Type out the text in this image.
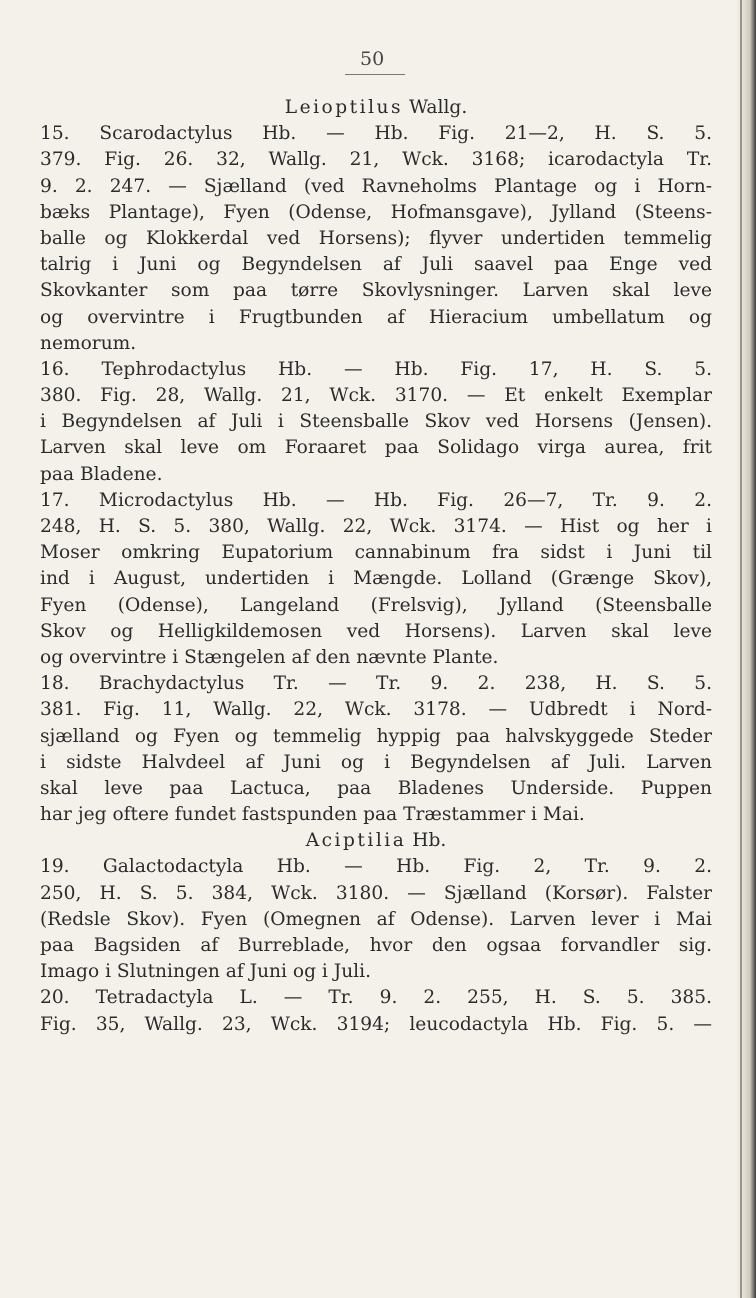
50
Leioptilus Wallg.
15. Scarodactylus Hb. — Hb. Fig. 21—2, H. S. 5.
379. Fig. 26. 32, Wallg. 21, Wck. 3168; icarodactyla Tr.
9. 2. 247. — Sjælland (ved Ravneholms Plantage og i Horn-
bæks Plantage), Fyen (Odense, Hofmansgave), Jylland (Steens-
balle og Klokkerdal ved Horsens); flyver undertiden temmelig
talrig i Juni og Begyndelsen af Juli saavel paa Enge ved
Skovkanter som paa tørre Skovlysninger. Larven skal leve
og overvintre i Frugtbunden af Hieracium umbellatum og
nemorum.
16. Tephrodactylus Hb. — Hb. Fig. 17, H. S. 5.
380. Fig. 28, Wallg. 21, Wck. 3170. — Et enkelt Exemplar
i Begyndelsen af Juli i Steensballe Skov ved Horsens (Jensen).
Larven skal leve om Foraaret paa Solidago virga aurea, frit
paa Bladene.
17. Microdactylus Hb. — Hb. Fig. 26—7, Tr. 9. 2.
248, H. S. 5. 380, Wallg. 22, Wck. 3174. — Hist og her i
Moser omkring Eupatorium cannabinum fra sidst i Juni til
ind i August, undertiden i Mængde. Lolland (Grænge Skov),
Fyen (Odense), Langeland (Frelsvig), Jylland (Steensballe
Skov og Helligkildemosen ved Horsens). Larven skal leve
og overvintre i Stængelen af den nævnte Plante.
18. Brachydactylus Tr. — Tr. 9. 2. 238, H. S. 5.
381. Fig. 11, Wallg. 22, Wck. 3178. — Udbredt i Nord-
sjælland og Fyen og temmelig hyppig paa halvskyggede Steder
i sidste Halvdeel af Juni og i Begyndelsen af Juli. Larven
skal leve paa Lactuca, paa Bladenes Underside. Puppen
har jeg oftere fundet fastspunden paa Træstammer i Mai.
Aciptilia Hb.
19. Galactodactyla Hb. — Hb. Fig. 2, Tr. 9. 2.
250, H. S. 5. 384, Wck. 3180. — Sjælland (Korsør). Falster
(Redsle Skov). Fyen (Omegnen af Odense). Larven lever i Mai
paa Bagsiden af Burreblade, hvor den ogsaa forvandler sig.
Imago i Slutningen af Juni og i Juli.
20. Tetradactyla L. — Tr. 9. 2. 255, H. S. 5. 385.
Fig. 35, Wallg. 23, Wck. 3194; leucodactyla Hb. Fig. 5. —
